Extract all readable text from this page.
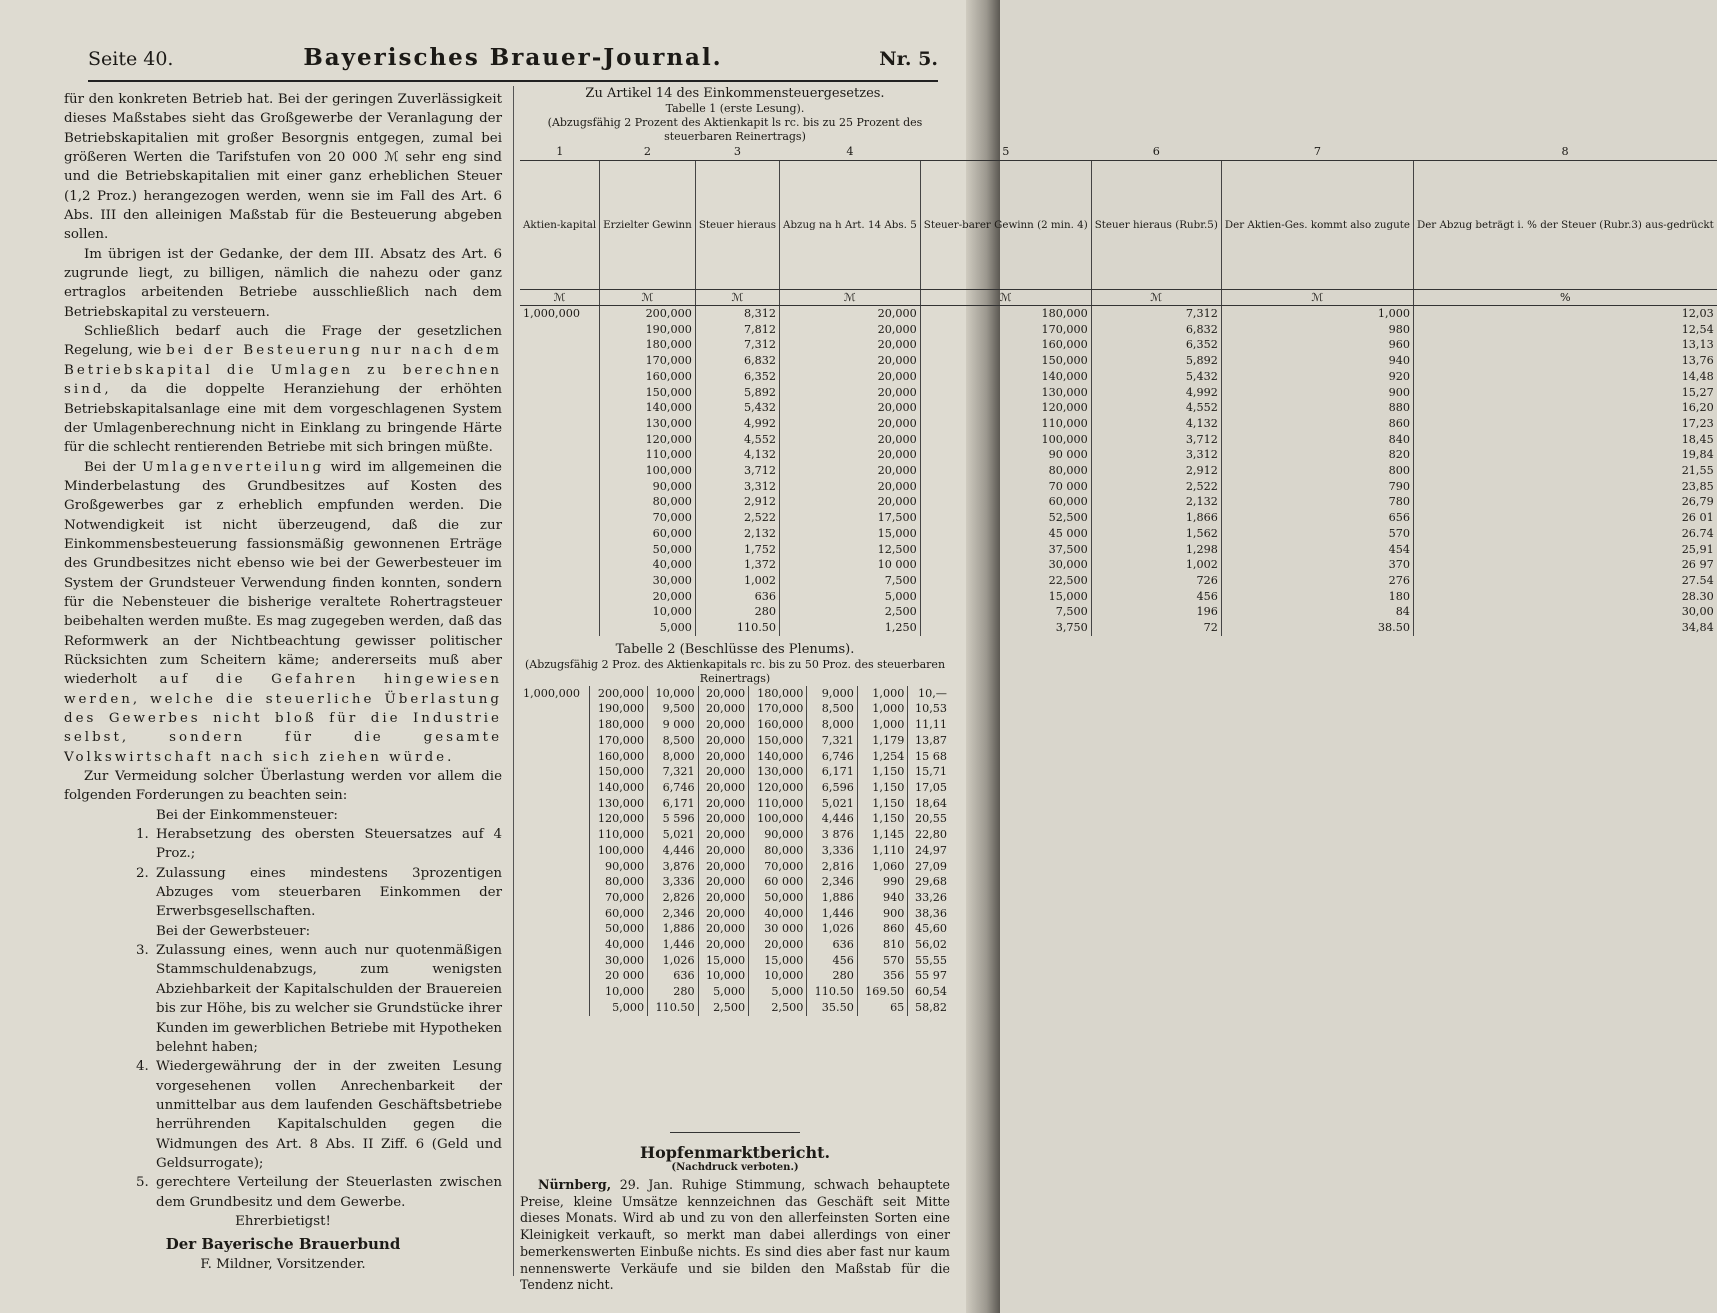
Seite 40.	Bayerisches Brauer-Journal.	Nr. 5.

für den konkreten Betrieb hat. Bei der geringen Zuverlässigkeit dieses Maßstabes sieht das Großgewerbe der Veranlagung der Betriebskapitalien mit großer Besorgnis entgegen, zumal bei größeren Werten die Tarifstufen von 20 000 ℳ sehr eng sind und die Betriebskapitalien mit einer ganz erheblichen Steuer (1,2 Proz.) herangezogen werden, wenn sie im Fall des Art. 6 Abs. III den alleinigen Maßstab für die Besteuerung abgeben sollen.

Im übrigen ist der Gedanke, der dem III. Absatz des Art. 6 zugrunde liegt, zu billigen, nämlich die nahezu oder ganz ertraglos arbeitenden Betriebe ausschließlich nach dem Betriebskapital zu versteuern.

Schließlich bedarf auch die Frage der gesetzlichen Regelung, wie bei der Besteuerung nur nach dem Betriebskapital die Umlagen zu berechnen sind, da die doppelte Heranziehung der erhöhten Betriebskapitalsanlage eine mit dem vorgeschlagenen System der Umlagenberechnung nicht in Einklang zu bringende Härte für die schlecht rentierenden Betriebe mit sich bringen müßte.

Bei der Umlagenverteilung wird im allgemeinen die Minderbelastung des Grundbesitzes auf Kosten des Großgewerbes gar z erheblich empfunden werden. Die Notwendigkeit ist nicht überzeugend, daß die zur Einkommensbesteuerung fassionsmäßig gewonnenen Erträge des Grundbesitzes nicht ebenso wie bei der Gewerbesteuer im System der Grundsteuer Verwendung finden konnten, sondern für die Nebensteuer die bisherige veraltete Rohertragsteuer beibehalten werden mußte. Es mag zugegeben werden, daß das Reformwerk an der Nichtbeachtung gewisser politischer Rücksichten zum Scheitern käme; andererseits muß aber wiederholt auf die Gefahren hingewiesen werden, welche die steuerliche Überlastung des Gewerbes nicht bloß für die Industrie selbst, sondern für die gesamte Volkswirtschaft nach sich ziehen würde.

Zur Vermeidung solcher Überlastung werden vor allem die folgenden Forderungen zu beachten sein:

Bei der Einkommensteuer:

1. Herabsetzung des obersten Steuersatzes auf 4 Proz.;
2. Zulassung eines mindestens 3prozentigen Abzuges vom steuerbaren Einkommen der Erwerbsgesellschaften.

Bei der Gewerbsteuer:

3. Zulassung eines, wenn auch nur quotenmäßigen Stammschuldenabzugs, zum wenigsten Abziehbarkeit der Kapitalschulden der Brauereien bis zur Höhe, bis zu welcher sie Grundstücke ihrer Kunden im gewerblichen Betriebe mit Hypotheken belehnt haben;
4. Wiedergewährung der in der zweiten Lesung vorgesehenen vollen Anrechenbarkeit der unmittelbar aus dem laufenden Geschäftsbetriebe herrührenden Kapitalschulden gegen die Widmungen des Art. 8 Abs. II Ziff. 6 (Geld und Geldsurrogate);
5. gerechtere Verteilung der Steuerlasten zwischen dem Grundbesitz und dem Gewerbe.

Ehrerbietigst!

Der Bayerische Brauerbund

F. Mildner, Vorsitzender.

Zu Artikel 14 des Einkommensteuergesetzes.
Tabelle 1 (erste Lesung).
(Abzugsfähig 2 Prozent des Aktienkapit ls rc. bis zu 25 Prozent des steuerbaren Reinertrags)
1	2	3	4	5	6	7	8
Aktien-kapital	Erzielter Gewinn	Steuer hieraus	Abzug na h Art. 14 Abs. 5	Steuer-barer Gewinn (2 min. 4)	Steuer hieraus (Rubr.5)	Der Aktien-Ges. kommt also zugute	Der Abzug beträgt i. % der Steuer (Rubr.3) aus-gedrückt
ℳ	ℳ	ℳ	ℳ	ℳ	ℳ	ℳ	%
1,000,000	200,000	8,312	20,000	180,000	7,312	1,000	12,03
	190,000	7,812	20,000	170,000	6,832	980	12,54
	180,000	7,312	20,000	160,000	6,352	960	13,13
	170,000	6,832	20,000	150,000	5,892	940	13,76
	160,000	6,352	20,000	140,000	5,432	920	14,48
	150,000	5,892	20,000	130,000	4,992	900	15,27
	140,000	5,432	20,000	120,000	4,552	880	16,20
	130,000	4,992	20,000	110,000	4,132	860	17,23
	120,000	4,552	20,000	100,000	3,712	840	18,45
	110,000	4,132	20,000	90 000	3,312	820	19,84
	100,000	3,712	20,000	80,000	2,912	800	21,55
	90,000	3,312	20,000	70 000	2,522	790	23,85
	80,000	2,912	20,000	60,000	2,132	780	26,79
	70,000	2,522	17,500	52,500	1,866	656	26 01
	60,000	2,132	15,000	45 000	1,562	570	26.74
	50,000	1,752	12,500	37,500	1,298	454	25,91
	40,000	1,372	10 000	30,000	1,002	370	26 97
	30,000	1,002	7,500	22,500	726	276	27.54
	20,000	636	5,000	15,000	456	180	28.30
	10,000	280	2,500	7,500	196	84	30,00
	5,000	110.50	1,250	3,750	72	38.50	34,84
Tabelle 2 (Beschlüsse des Plenums).
(Abzugsfähig 2 Proz. des Aktienkapitals rc. bis zu 50 Proz. des steuerbaren Reinertrags)
1,000,000	200,000	10,000	20,000	180,000	9,000	1,000	10,—
	190,000	9,500	20,000	170,000	8,500	1,000	10,53
	180,000	9 000	20,000	160,000	8,000	1,000	11,11
	170,000	8,500	20,000	150,000	7,321	1,179	13,87
	160,000	8,000	20,000	140,000	6,746	1,254	15 68
	150,000	7,321	20,000	130,000	6,171	1,150	15,71
	140,000	6,746	20,000	120,000	6,596	1,150	17,05
	130,000	6,171	20,000	110,000	5,021	1,150	18,64
	120,000	5 596	20,000	100,000	4,446	1,150	20,55
	110,000	5,021	20,000	90,000	3 876	1,145	22,80
	100,000	4,446	20,000	80,000	3,336	1,110	24,97
	90,000	3,876	20,000	70,000	2,816	1,060	27,09
	80,000	3,336	20,000	60 000	2,346	990	29,68
	70,000	2,826	20,000	50,000	1,886	940	33,26
	60,000	2,346	20,000	40,000	1,446	900	38,36
	50,000	1,886	20,000	30 000	1,026	860	45,60
	40,000	1,446	20,000	20,000	636	810	56,02
	30,000	1,026	15,000	15,000	456	570	55,55
	20 000	636	10,000	10,000	280	356	55 97
	10,000	280	5,000	5,000	110.50	169.50	60,54
	5,000	110.50	2,500	2,500	35.50	65	58,82
Hopfenmarktbericht.
(Nachdruck verboten.)

Nürnberg, 29. Jan. Ruhige Stimmung, schwach behauptete Preise, kleine Umsätze kennzeichnen das Geschäft seit Mitte dieses Monats. Wird ab und zu von den allerfeinsten Sorten eine Kleinigkeit verkauft, so merkt man dabei allerdings von einer bemerkenswerten Einbuße nichts. Es sind dies aber fast nur kaum nennenswerte Verkäufe und sie bilden den Maßstab für die Tendenz nicht.
